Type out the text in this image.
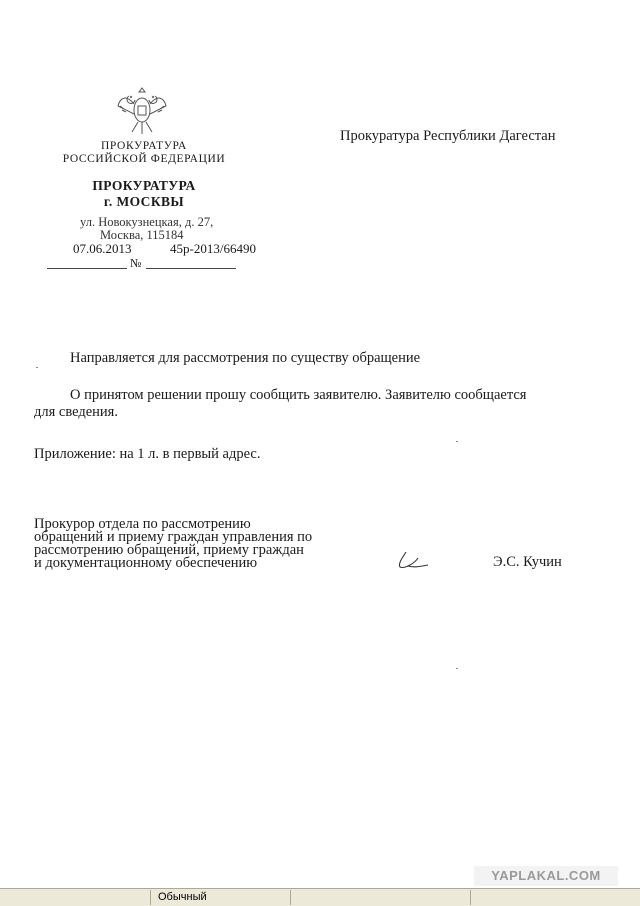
ПРОКУРАТУРА
РОССИЙСКОЙ ФЕДЕРАЦИИ
ПРОКУРАТУРА
г. МОСКВЫ
ул. Новокузнецкая, д. 27,
Москва, 115184
07.06.2013	45р-2013/66490
№
Прокуратура Республики Дагестан
Направляется для рассмотрения по существу обращение
О принятом решении прошу сообщить заявителю. Заявителю сообщается
для сведения.
Приложение: на 1 л. в первый адрес.
Прокурор отдела по рассмотрению
обращений и приему граждан управления по
рассмотрению обращений, приему граждан
и документационному обеспечению	Э.С. Кучин
YAPLAKAL.COM
Обычный
